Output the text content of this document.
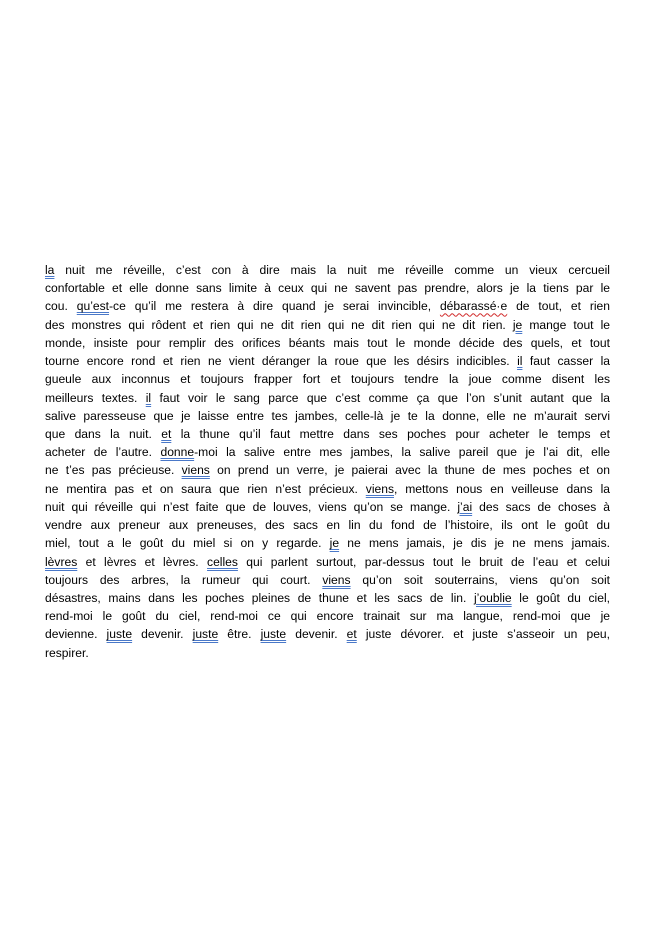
la nuit me réveille, c’est con à dire mais la nuit me réveille comme un vieux cercueil
confortable et elle donne sans limite à ceux qui ne savent pas prendre, alors je la tiens par le
cou. qu’est-ce qu’il me restera à dire quand je serai invincible, débarassé·e de tout, et rien
des monstres qui rôdent et rien qui ne dit rien qui ne dit rien qui ne dit rien. je mange tout le
monde, insiste pour remplir des orifices béants mais tout le monde décide des quels, et tout
tourne encore rond et rien ne vient déranger la roue que les désirs indicibles. il faut casser la
gueule aux inconnus et toujours frapper fort et toujours tendre la joue comme disent les
meilleurs textes. il faut voir le sang parce que c’est comme ça que l’on s’unit autant que la
salive paresseuse que je laisse entre tes jambes, celle-là je te la donne, elle ne m’aurait servi
que dans la nuit. et la thune qu’il faut mettre dans ses poches pour acheter le temps et
acheter de l’autre. donne-moi la salive entre mes jambes, la salive pareil que je l’ai dit, elle
ne t’es pas précieuse. viens on prend un verre, je paierai avec la thune de mes poches et on
ne mentira pas et on saura que rien n’est précieux. viens, mettons nous en veilleuse dans la
nuit qui réveille qui n’est faite que de louves, viens qu’on se mange. j’ai des sacs de choses à
vendre aux preneur aux preneuses, des sacs en lin du fond de l’histoire, ils ont le goût du
miel, tout a le goût du miel si on y regarde. je ne mens jamais, je dis je ne mens jamais.
lèvres et lèvres et lèvres. celles qui parlent surtout, par-dessus tout le bruit de l’eau et celui
toujours des arbres, la rumeur qui court. viens qu’on soit souterrains, viens qu’on soit
désastres, mains dans les poches pleines de thune et les sacs de lin. j’oublie le goût du ciel,
rend-moi le goût du ciel, rend-moi ce qui encore trainait sur ma langue, rend-moi que je
devienne. juste devenir. juste être. juste devenir. et juste dévorer. et juste s’asseoir un peu,
respirer.
